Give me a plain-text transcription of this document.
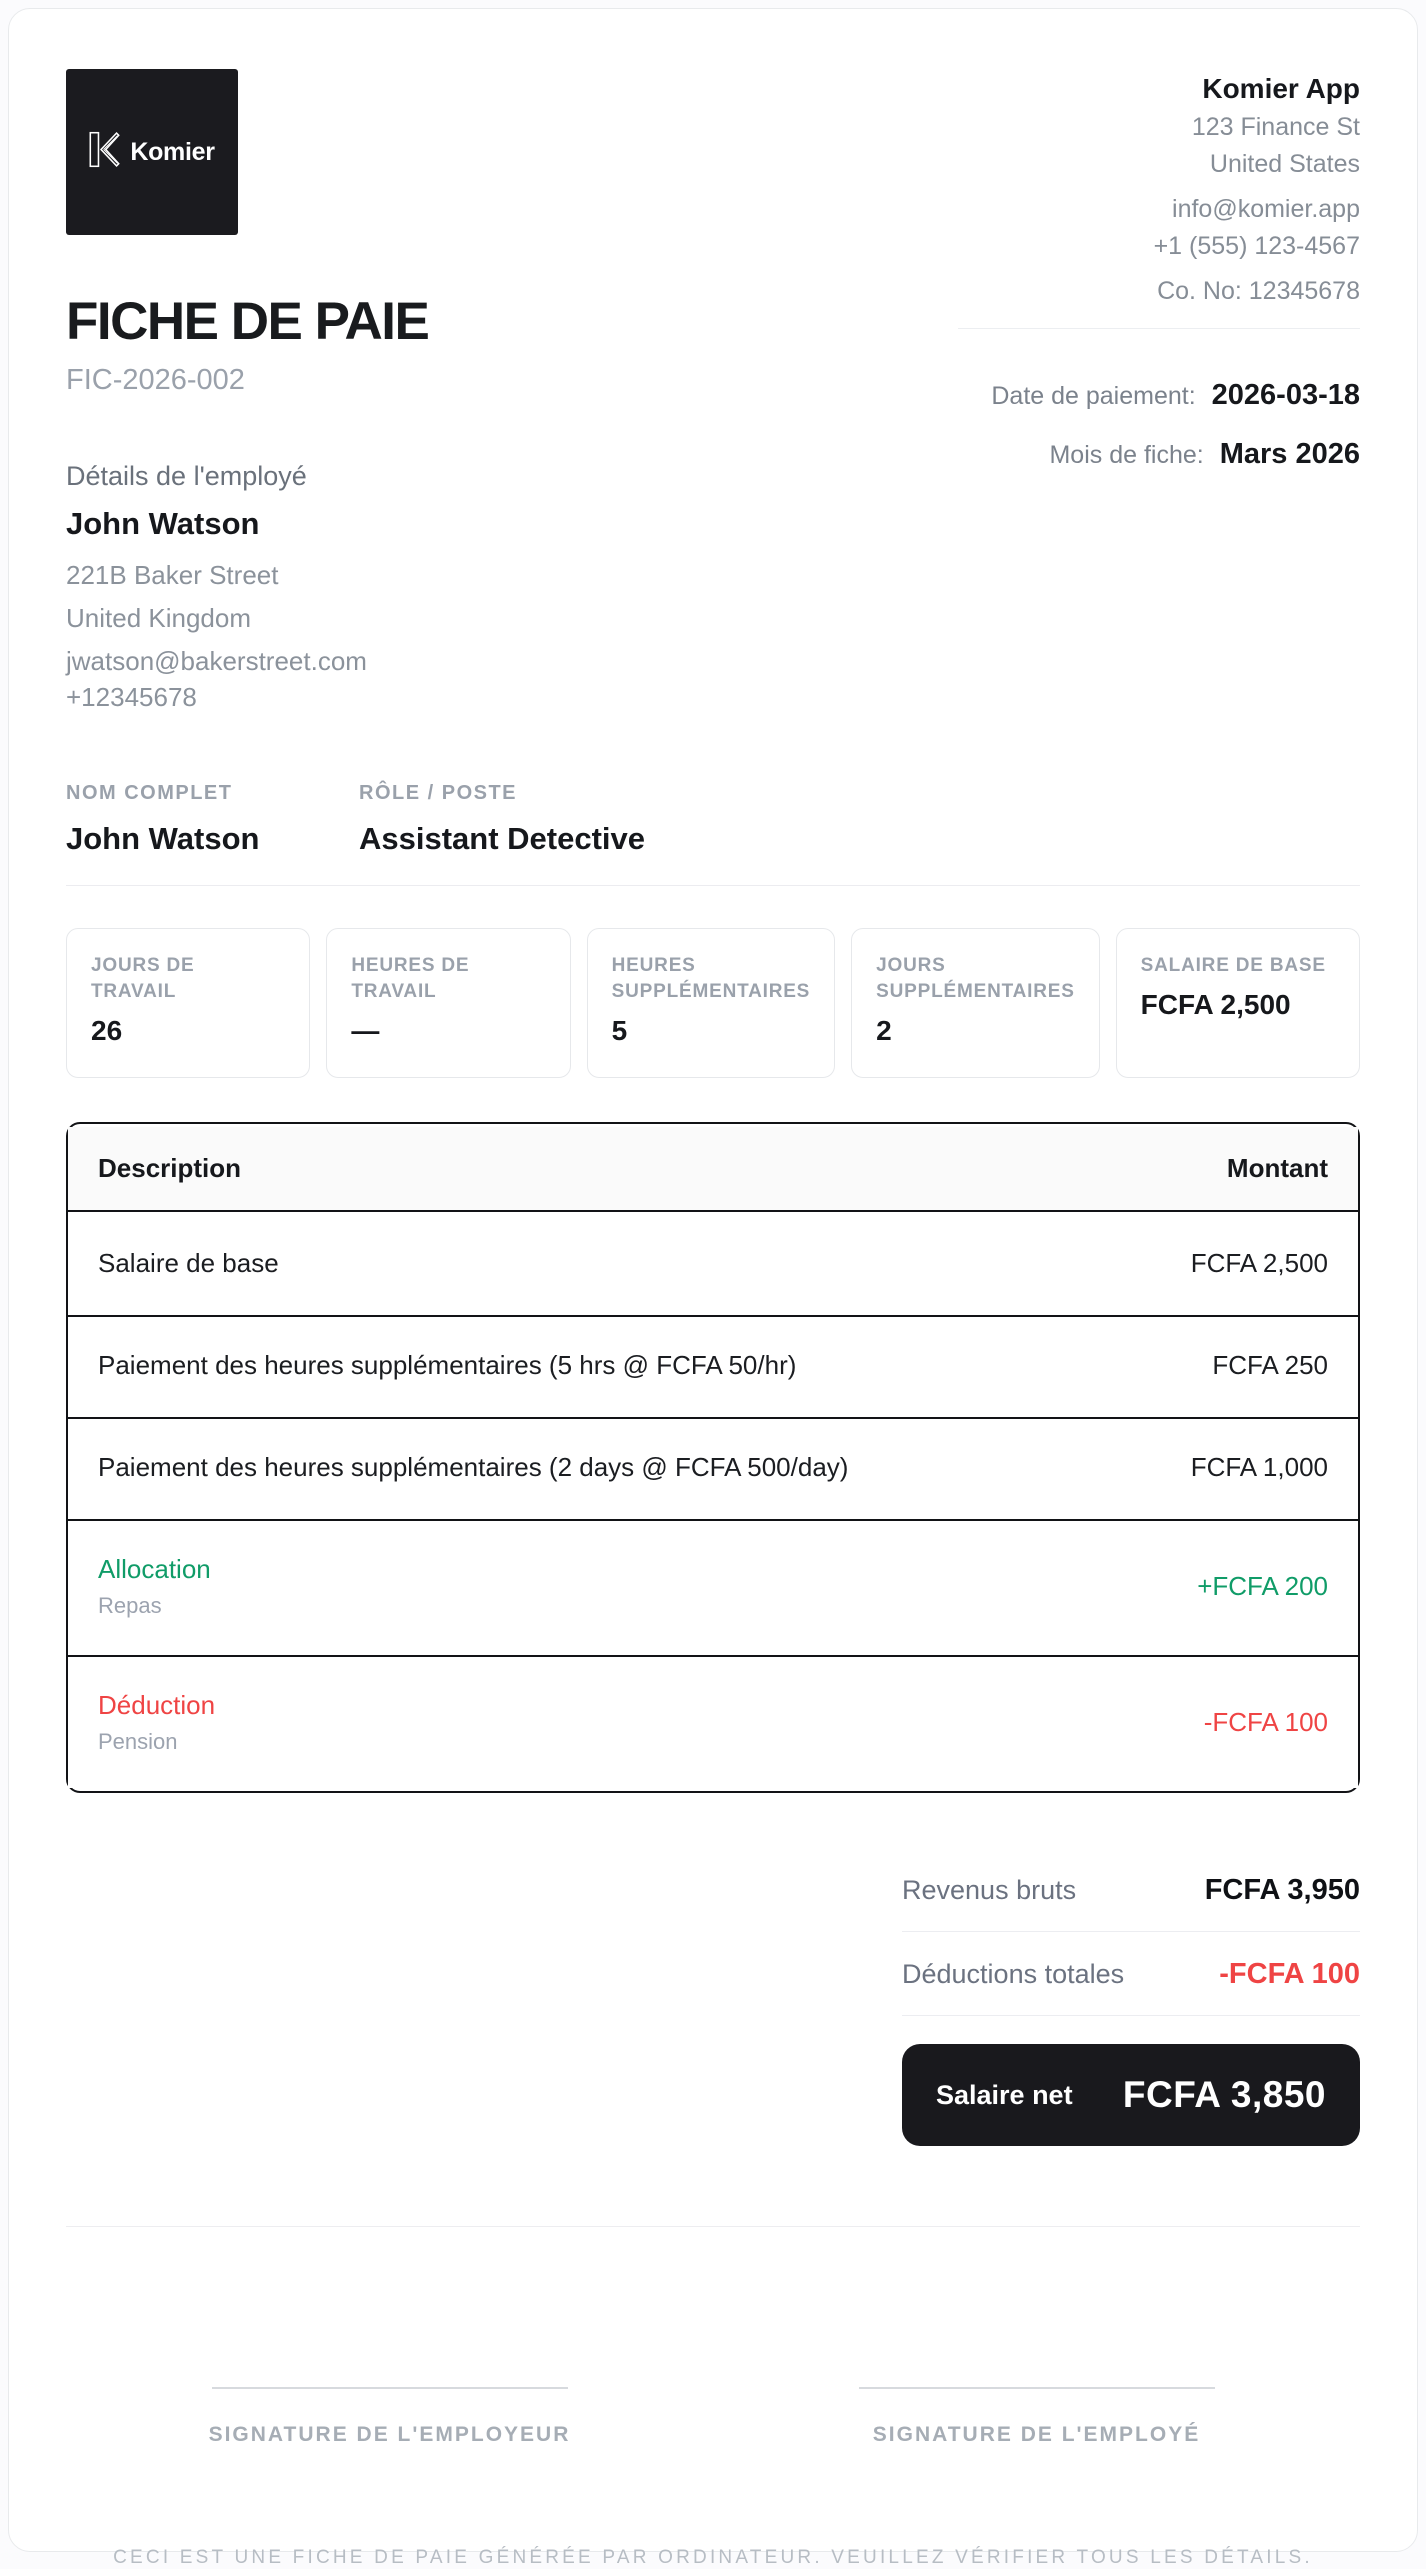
Komier
FICHE DE PAIE
FIC-2026-002
Détails de l'employé
John Watson
221B Baker Street
United Kingdom
jwatson@bakerstreet.com
+12345678
Komier App
123 Finance St
United States
info@komier.app
+1 (555) 123-4567
Co. No: 12345678
Date de paiement: 2026-03-18
Mois de fiche: Mars 2026
NOM COMPLET
John Watson
RÔLE / POSTE
Assistant Detective
JOURS DE TRAVAIL
26
HEURES DE TRAVAIL
—
HEURES SUPPLÉMENTAIRES
5
JOURS SUPPLÉMENTAIRES
2
SALAIRE DE BASE
FCFA 2,500
Description	Montant
Salaire de base	FCFA 2,500
Paiement des heures supplémentaires (5 hrs @ FCFA 50/hr)	FCFA 250
Paiement des heures supplémentaires (2 days @ FCFA 500/day)	FCFA 1,000
Allocation
Repas	+FCFA 200
Déduction
Pension	-FCFA 100
Revenus bruts	FCFA 3,950
Déductions totales	-FCFA 100
Salaire net FCFA 3,850
SIGNATURE DE L'EMPLOYEUR	SIGNATURE DE L'EMPLOYÉ
CECI EST UNE FICHE DE PAIE GÉNÉRÉE PAR ORDINATEUR. VEUILLEZ VÉRIFIER TOUS LES DÉTAILS.
